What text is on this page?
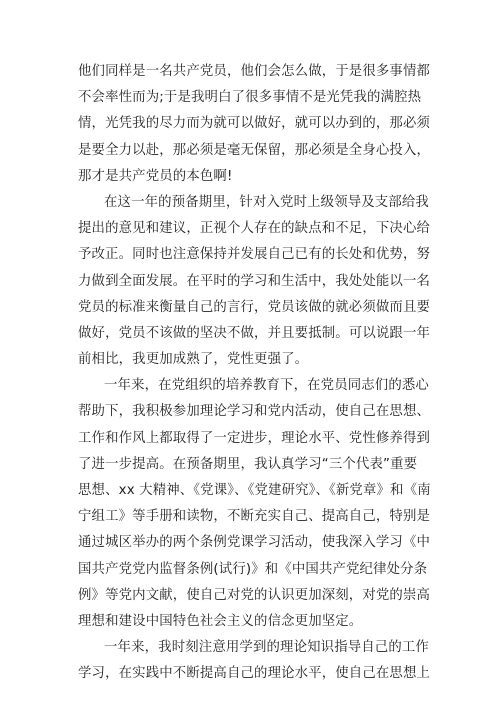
他们同样是一名共产党员，他们会怎么做，于是很多事情都
不会率性而为;于是我明白了很多事情不是光凭我的满腔热
情，光凭我的尽力而为就可以做好，就可以办到的，那必须
是要全力以赴，那必须是毫无保留，那必须是全身心投入，
那才是共产党员的本色啊!
在这一年的预备期里，针对入党时上级领导及支部给我
提出的意见和建议，正视个人存在的缺点和不足，下决心给
予改正。同时也注意保持并发展自己已有的长处和优势，努
力做到全面发展。在平时的学习和生活中，我处处能以一名
党员的标准来衡量自己的言行，党员该做的就必须做而且要
做好，党员不该做的坚决不做，并且要抵制。可以说跟一年
前相比，我更加成熟了，党性更强了。
一年来，在党组织的培养教育下，在党员同志们的悉心
帮助下，我积极参加理论学习和党内活动，使自己在思想、
工作和作风上都取得了一定进步，理论水平、党性修养得到
了进一步提高。在预备期里，我认真学习“三个代表”重要
思想、xx 大精神、《党课》、《党建研究》、《新党章》和《南
宁组工》等手册和读物，不断充实自己、提高自己，特别是
通过城区举办的两个条例党课学习活动，使我深入学习《中
国共产党党内监督条例(试行)》和《中国共产党纪律处分条
例》等党内文献，使自己对党的认识更加深刻，对党的崇高
理想和建设中国特色社会主义的信念更加坚定。
一年来，我时刻注意用学到的理论知识指导自己的工作
学习，在实践中不断提高自己的理论水平，使自己在思想上
